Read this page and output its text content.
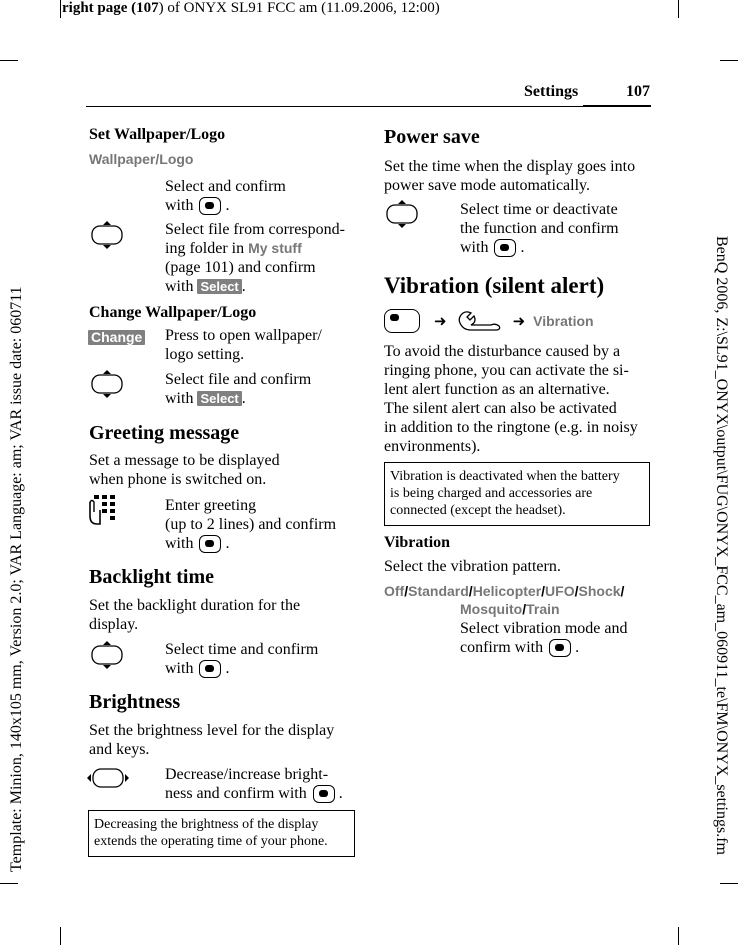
right page (107) of ONYX SL91 FCC am (11.09.2006, 12:00)
Template: Minion, 140x105 mm, Version 2.0; VAR Language: am; VAR issue date: 060711	BenQ 2006, Z:\SL91_ONYX\output\FUG\ONYX_FCC_am_060911_te\FM\ONYX_settings.fm
Settings	107
Set Wallpaper/Logo
Wallpaper/Logo
Select and confirm
with  .
Select file from correspond-
ing folder in My stuff
(page 101) and confirm
with Select .
Change Wallpaper/Logo
Change Press to open wallpaper/
logo setting.
Select file and confirm
with Select .
Greeting message
Set a message to be displayed
when phone is switched on.
Enter greeting
(up to 2 lines) and confirm
with  .
Backlight time
Set the backlight duration for the
display.
Select time and confirm
with  .
Brightness
Set the brightness level for the display
and keys.
Decrease/increase bright-
ness and confirm with  .
Decreasing the brightness of the display
extends the operating time of your phone.
Power save
Set the time when the display goes into
power save mode automatically.
Select time or deactivate
the function and confirm
with  .
Vibration (silent alert)
➜	➜ Vibration
To avoid the disturbance caused by a
ringing phone, you can activate the si-
lent alert function as an alternative.
The silent alert can also be activated
in addition to the ringtone (e.g. in noisy
environments).
Vibration is deactivated when the battery
is being charged and accessories are
connected (except the headset).
Vibration
Select the vibration pattern.
Off/Standard/Helicopter/UFO/Shock/
Mosquito/Train
Select vibration mode and
confirm with  .
